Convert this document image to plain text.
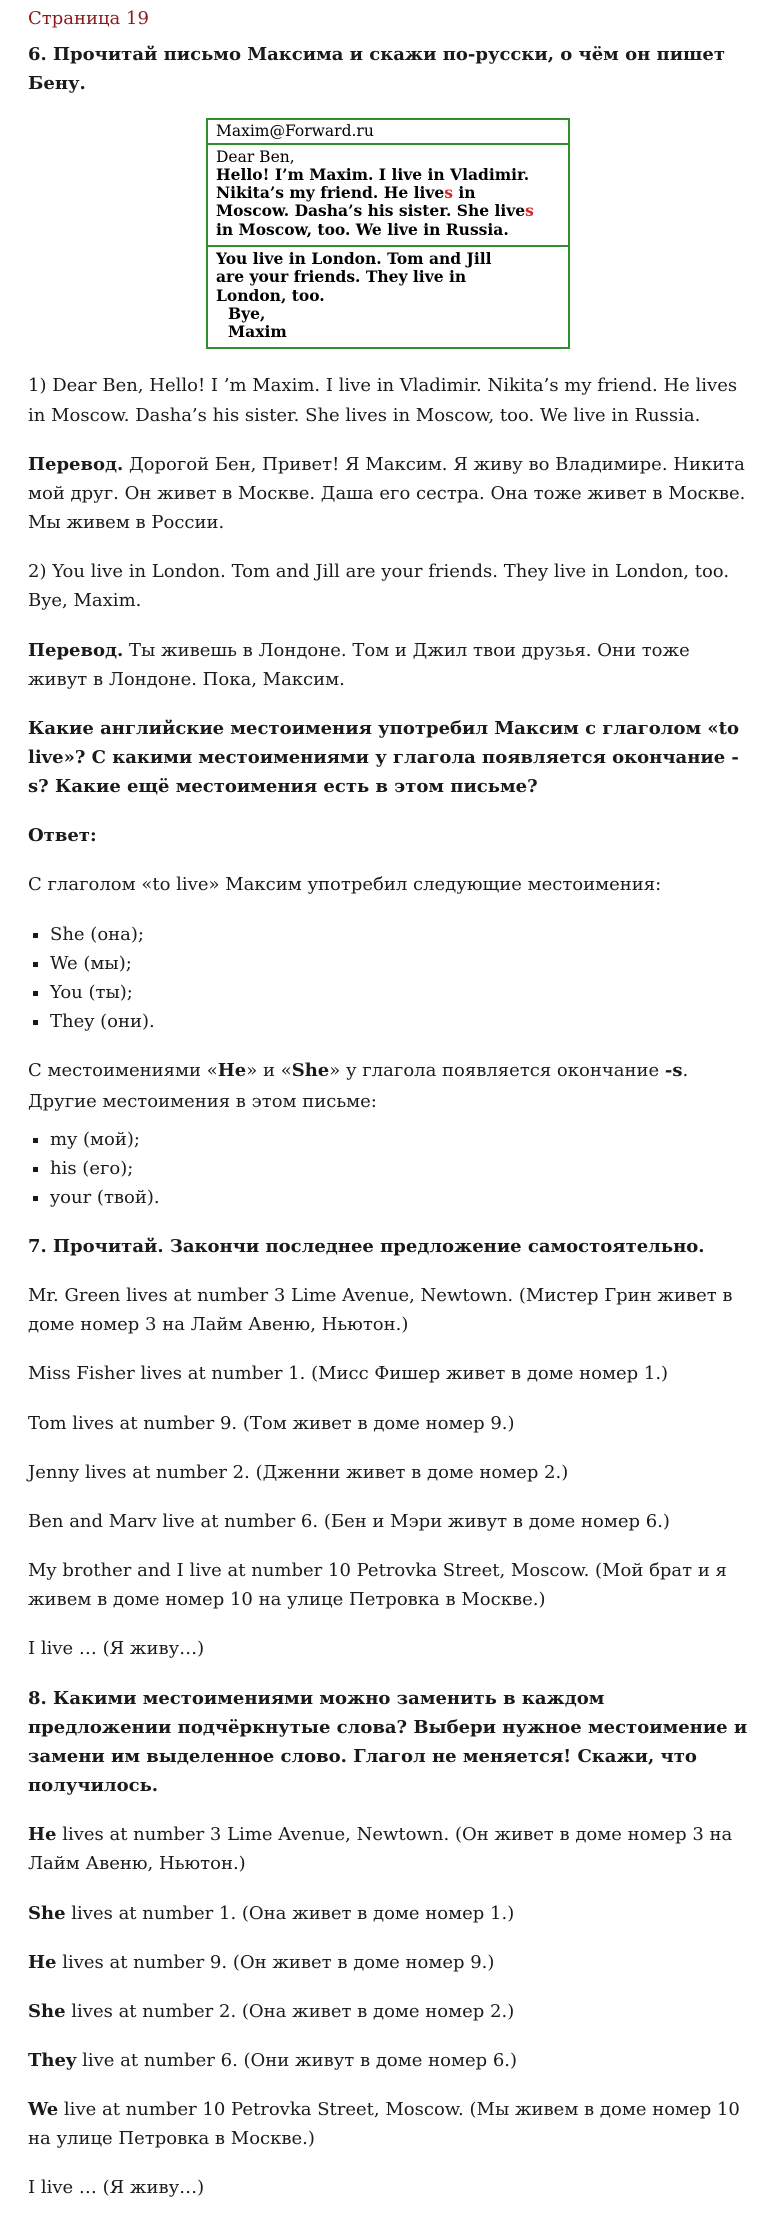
Страница 19
6. Прочитай письмо Максима и скажи по-русски, о чём он пишет Бену.
Maxim@Forward.ru
Dear Ben,
Hello! I’m Maxim. I live in Vladimir.
Nikita’s my friend. He lives in
Moscow. Dasha’s his sister. She lives
in Moscow, too. We live in Russia.
You live in London. Tom and Jill
are your friends. They live in
London, too.
Bye,
Maxim

1) Dear Ben, Hello! I ’m Maxim. I live in Vladimir. Nikita’s my friend. He lives in Moscow. Dasha’s his sister. She lives in Moscow, too. We live in Russia.

Перевод. Дорогой Бен, Привет! Я Максим. Я живу во Владимире. Никита мой друг. Он живет в Москве. Даша его сестра. Она тоже живет в Москве. Мы живем в России.

2) You live in London. Tom and Jill are your friends. They live in London, too. Bye, Maxim.

Перевод. Ты живешь в Лондоне. Том и Джил твои друзья. Они тоже живут в Лондоне. Пока, Максим.

Какие английские местоимения употребил Максим с глаголом «to live»? С какими местоимениями у глагола появляется окончание -s? Какие ещё местоимения есть в этом письме?

Ответ:

С глаголом «to live» Максим употребил следующие местоимения:

▪ She (она);
▪ We (мы);
▪ You (ты);
▪ They (они).

С местоимениями «He» и «She» у глагола появляется окончание -s.

Другие местоимения в этом письме:

▪ my (мой);
▪ his (его);
▪ your (твой).
7. Прочитай. Закончи последнее предложение самостоятельно.

Mr. Green lives at number 3 Lime Avenue, Newtown. (Мистер Грин живет в доме номер 3 на Лайм Авеню, Ньютон.)

Miss Fisher lives at number 1. (Мисс Фишер живет в доме номер 1.)

Tom lives at number 9. (Том живет в доме номер 9.)

Jenny lives at number 2. (Дженни живет в доме номер 2.)

Ben and Marv live at number 6. (Бен и Мэри живут в доме номер 6.)

My brother and I live at number 10 Petrovka Street, Moscow. (Мой брат и я живем в доме номер 10 на улице Петровка в Москве.)

I live … (Я живу…)

8. Какими местоимениями можно заменить в каждом предложении подчёркнутые слова? Выбери нужное местоимение и замени им выделенное слово. Глагол не меняется! Скажи, что получилось.

He lives at number 3 Lime Avenue, Newtown. (Он живет в доме номер 3 на Лайм Авеню, Ньютон.)

She lives at number 1. (Она живет в доме номер 1.)

He lives at number 9. (Он живет в доме номер 9.)

She lives at number 2. (Она живет в доме номер 2.)

They live at number 6. (Они живут в доме номер 6.)

We live at number 10 Petrovka Street, Moscow. (Мы живем в доме номер 10 на улице Петровка в Москве.)

I live … (Я живу…)
